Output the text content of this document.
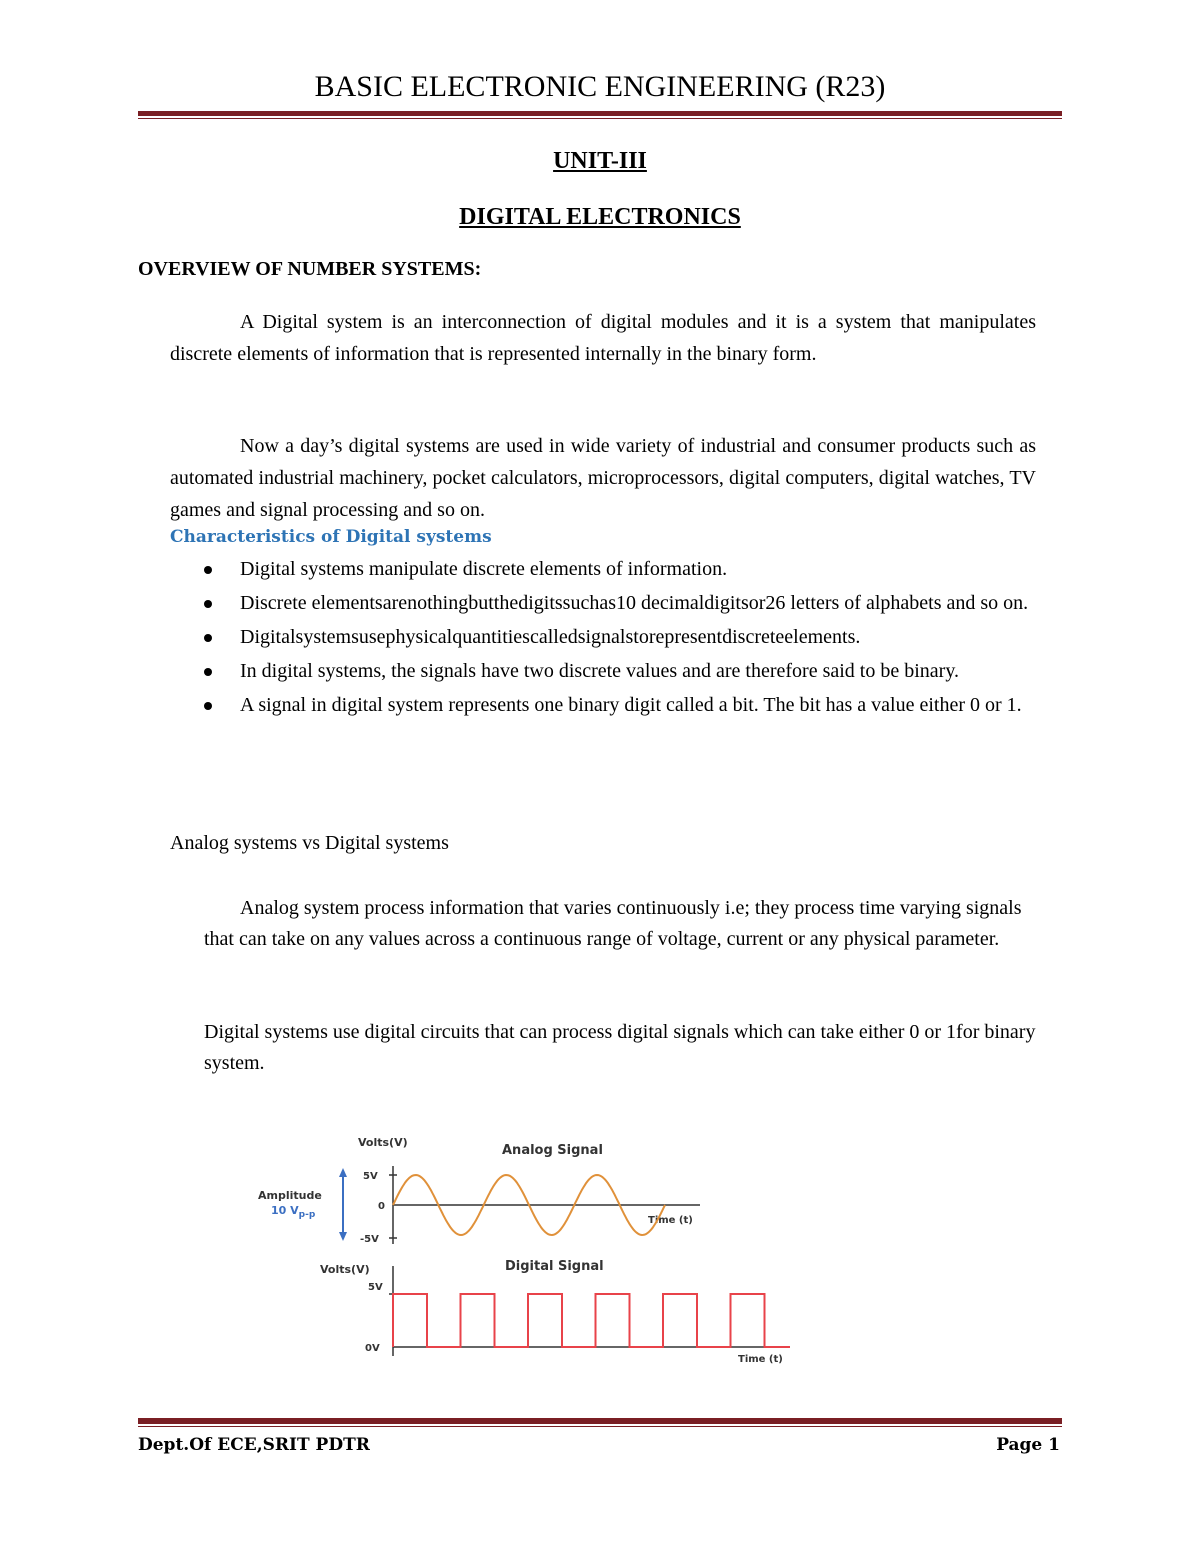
BASIC ELECTRONIC ENGINEERING (R23)
UNIT-III
DIGITAL ELECTRONICS
OVERVIEW OF NUMBER SYSTEMS:
A Digital system is an interconnection of digital modules and it is a system that manipulates discrete elements of information that is represented internally in the binary form.
Now a day’s digital systems are used in wide variety of industrial and consumer products such as automated industrial machinery, pocket calculators, microprocessors, digital computers, digital watches, TV games and signal processing and so on.
Characteristics of Digital systems
Digital systems manipulate discrete elements of information.
Discrete elementsarenothingbutthedigitssuchas10 decimaldigitsor26 letters of alphabets and so on.
Digitalsystemsusephysicalquantitiescalledsignalstorepresentdiscreteelements.
In digital systems, the signals have two discrete values and are therefore said to be binary.
A signal in digital system represents one binary digit called a bit. The bit has a value either 0 or 1.
Analog systems vs Digital systems
Analog system process information that varies continuously i.e; they process time varying signals that can take on any values across a continuous range of voltage, current or any physical parameter.
Digital systems use digital circuits that can process digital signals which can take either 0 or 1for binary system.
Volts(V)
Analog Signal
5V
0
-5V
Time (t)
Amplitude
10 $V_{p-p}$
Volts(V)	Digital Signal
5V
0V
Time (t)
Dept.Of ECE,SRIT PDTR	Page 1
